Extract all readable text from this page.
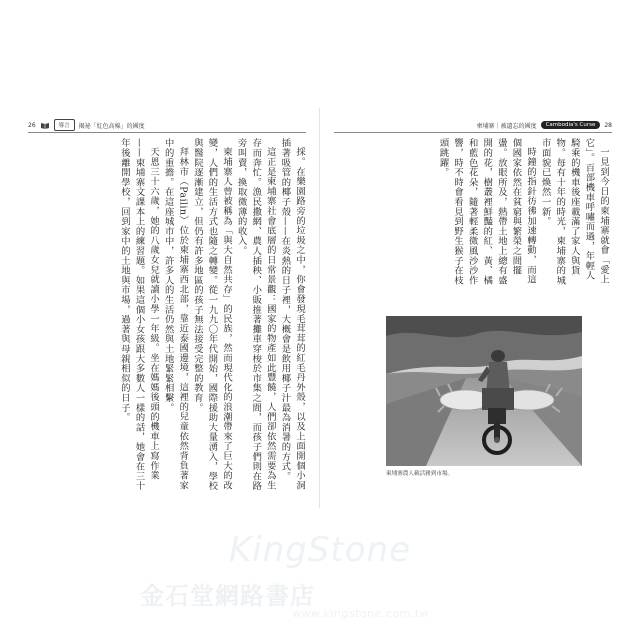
26	導言	揭祕「紅色高棉」的國度

採。在樂園路旁的垃圾之中，你會發現毛茸茸的紅毛丹外殼，以及上面開個小洞插著吸管的椰子殼——在炎熱的日子裡，大概會是飲用椰子汁最為消暑的方式。

這正是柬埔寨社會底層的日常景觀：國家的物產如此豐饒，人們卻依然需要為生存而奔忙。漁民撒網、農人插秧、小販推著攤車穿梭於市集之間，而孩子們則在路旁叫賣，換取微薄的收入。

柬埔寨人曾被稱為「與大自然共存」的民族，然而現代化的浪潮帶來了巨大的改變，人們的生活方式也隨之轉變。從一九九〇年代開始，國際援助大量湧入，學校與醫院逐漸建立，但仍有許多地區的孩子無法接受完整的教育。

拜林市（Pailin）位於柬埔寨西北部，靠近泰國邊境，這裡的兒童依然背負著家中的重擔。在這座城市中，許多人的生活仍然與土地緊緊相繫。

天恩三十六歲，她的八歲女兒就讀小學一年級。坐在媽媽後頭的機車上寫作業——柬埔寨文課本上的練習題。如果這個小女孩跟大多數人一樣的話，她會在三十年後離開學校，回到家中的土地與市場，過著與母親相似的日子。

柬埔寨｜被遺忘的國度	Cambodia's Curse	28

一見到今日的柬埔寨就會「愛上它」。百部機車呼嘯而過，年輕人騎乘的機車後座載滿了家人與貨物。每有十年的時光，柬埔寨的城市面貌已煥然一新。

時鐘的指針彷彿加速轉動，而這個國家依然在貧窮與繁榮之間擺盪。放眼所及，熱帶土地上總有盛開的花，樹叢裡鮮豔的紅、黃、橘和藍色花朵，隨著輕柔微風沙沙作響，時不時會看見到野生猴子在枝頭跳躍。

柬埔寨農人載活豬到市場。
KingStone
金石堂網路書店
www.kingstone.com.tw
